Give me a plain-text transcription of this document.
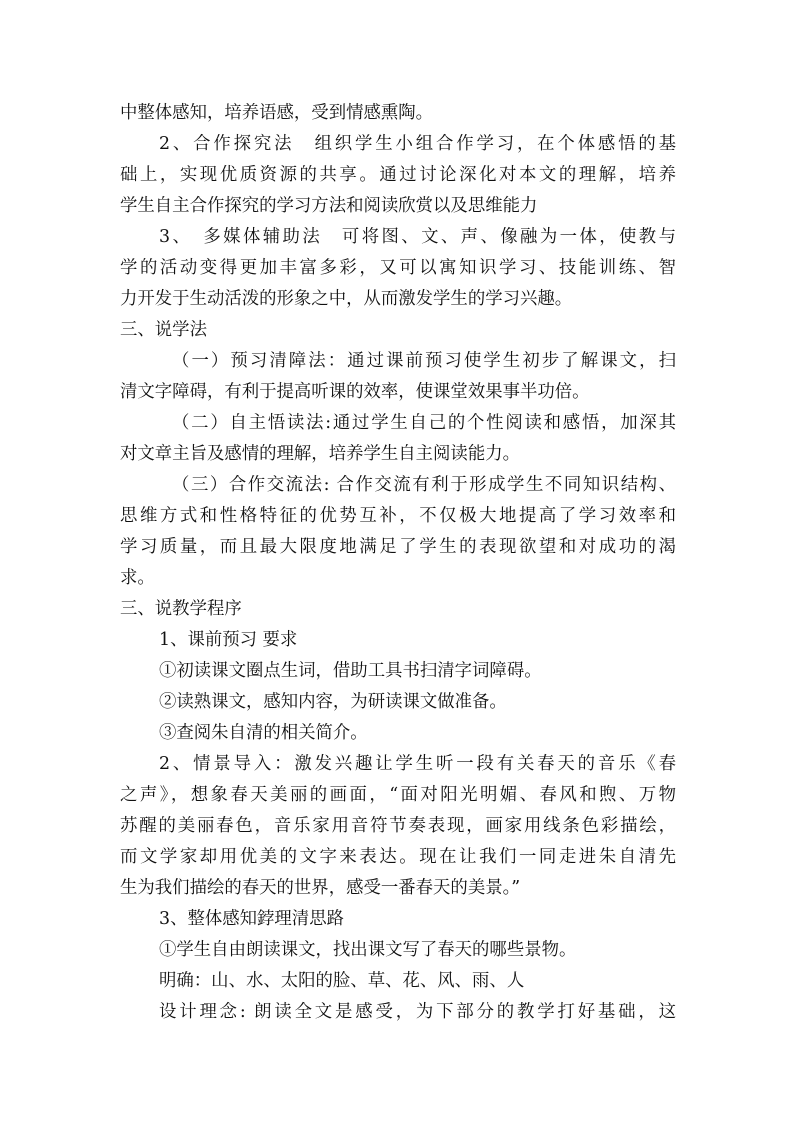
中整体感知，培养语感，受到情感熏陶。
2、合作探究法　组织学生小组合作学习，在个体感悟的基
础上，实现优质资源的共享。通过讨论深化对本文的理解，培养
学生自主合作探究的学习方法和阅读欣赏以及思维能力
3、　多媒体辅助法　可将图、文、声、像融为一体，使教与
学的活动变得更加丰富多彩，又可以寓知识学习、技能训练、智
力开发于生动活泼的形象之中，从而激发学生的学习兴趣。
三、说学法
（一）预习清障法：通过课前预习使学生初步了解课文，扫
清文字障碍，有利于提高听课的效率，使课堂效果事半功倍。
（二）自主悟读法:通过学生自己的个性阅读和感悟，加深其
对文章主旨及感情的理解，培养学生自主阅读能力。
（三）合作交流法: 合作交流有利于形成学生不同知识结构、
思维方式和性格特征的优势互补，不仅极大地提高了学习效率和
学习质量，而且最大限度地满足了学生的表现欲望和对成功的渴
求。
三、说教学程序
1、课前预习 要求
①初读课文圈点生词，借助工具书扫清字词障碍。
②读熟课文，感知内容，为研读课文做准备。
③查阅朱自清的相关简介。
2、情景导入：激发兴趣让学生听一段有关春天的音乐《春
之声》，想象春天美丽的画面，“面对阳光明媚、春风和煦、万物
苏醒的美丽春色，音乐家用音符节奏表现，画家用线条色彩描绘，
而文学家却用优美的文字来表达。现在让我们一同走进朱自清先
生为我们描绘的春天的世界，感受一番春天的美景。”
3、整体感知鋍理清思路
①学生自由朗读课文，找出课文写了春天的哪些景物。
明确：山、水、太阳的脸、草、花、风、雨、人
设计理念: 朗读全文是感受，为下部分的教学打好基础，这
